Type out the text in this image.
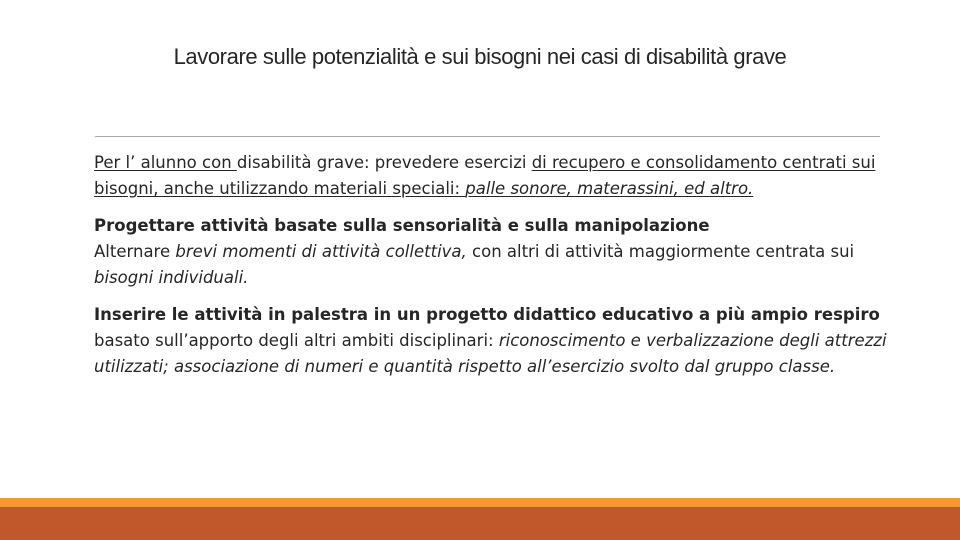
Lavorare sulle potenzialità e sui bisogni nei casi di disabilità grave

Per l’ alunno con disabilità grave: prevedere esercizi di recupero e consolidamento centrati sui bisogni, anche utilizzando materiali speciali: palle sonore, materassini, ed altro.

Progettare attività basate sulla sensorialità e sulla manipolazione
Alternare brevi momenti di attività collettiva, con altri di attività maggiormente centrata sui bisogni individuali.

Inserire le attività in palestra in un progetto didattico educativo a più ampio respiro basato sull’apporto degli altri ambiti disciplinari: riconoscimento e verbalizzazione degli attrezzi utilizzati; associazione di numeri e quantità rispetto all’esercizio svolto dal gruppo classe.
